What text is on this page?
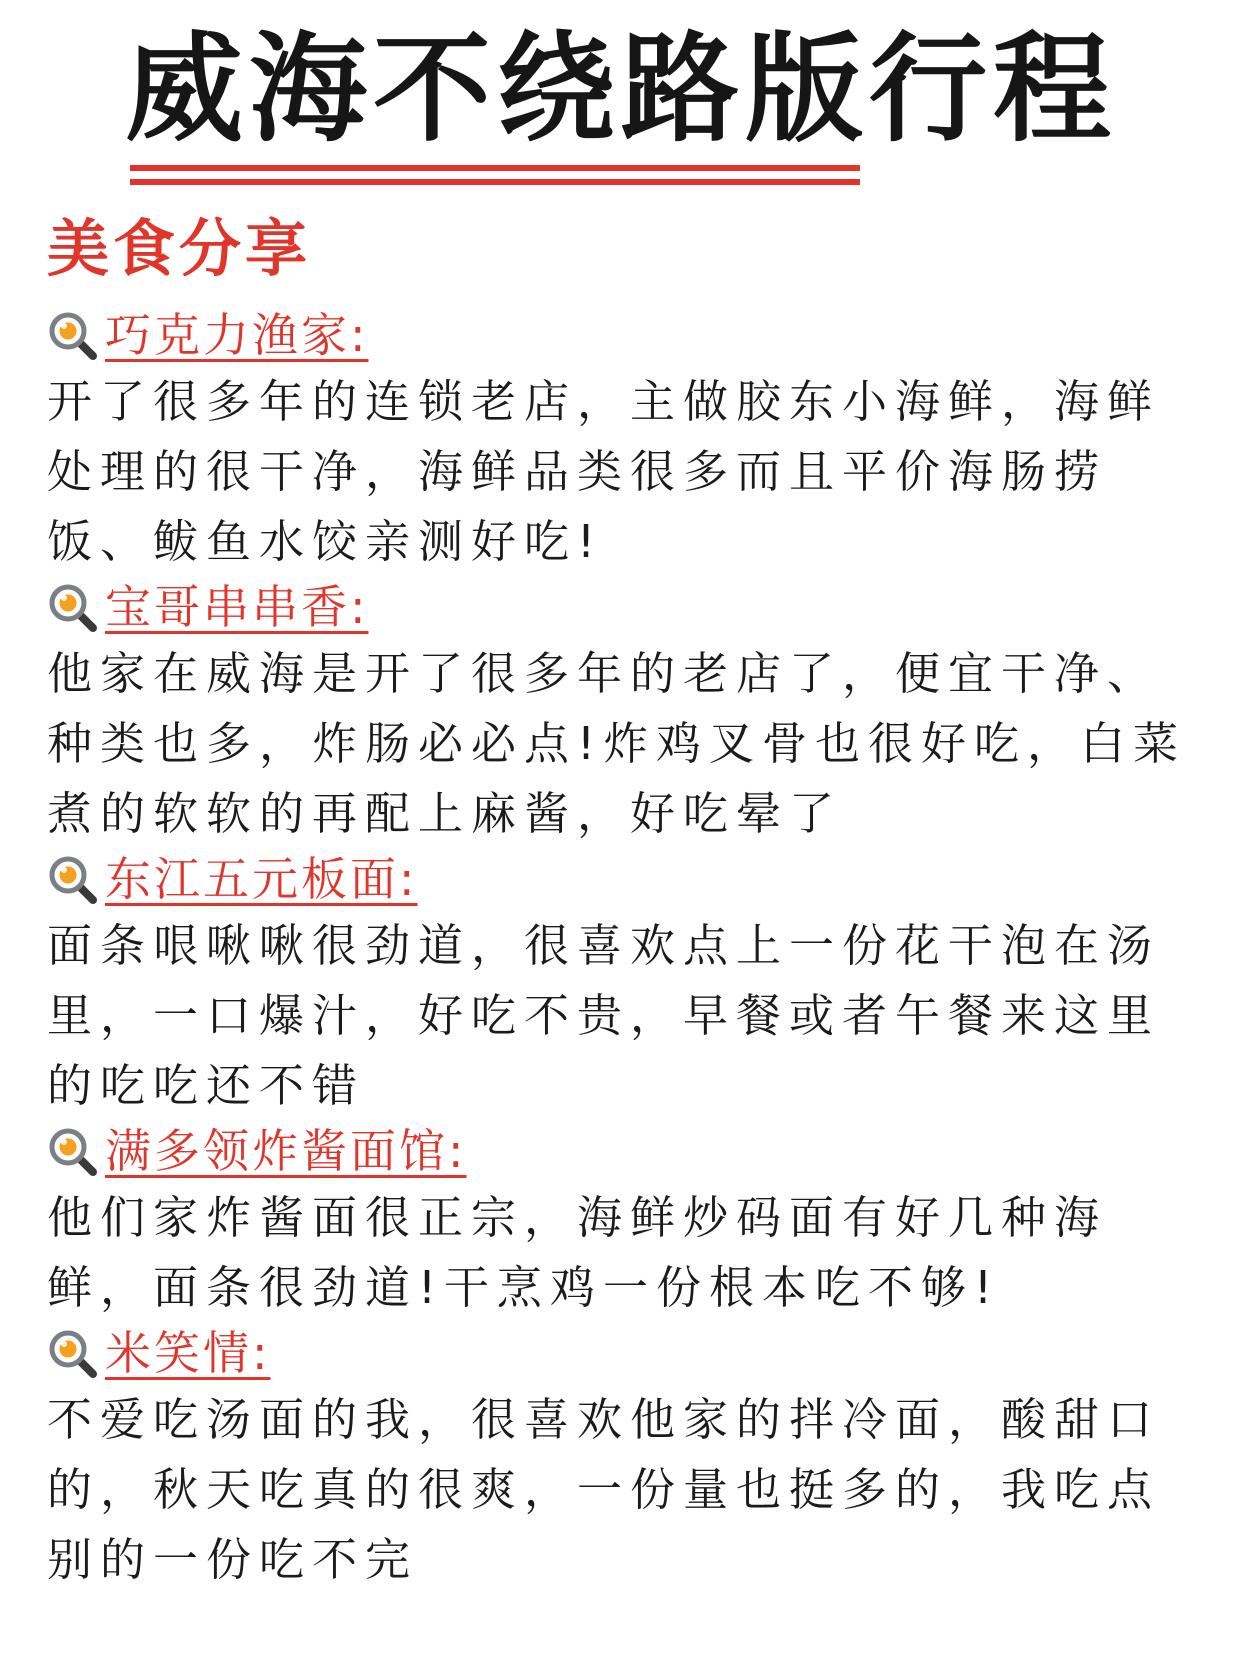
威海不绕路版行程
美食分享
巧克力渔家:

开了很多年的连锁老店，主做胶东小海鲜，海鲜处理的很干净，海鲜品类很多而且平价海肠捞饭、鲅鱼水饺亲测好吃!

宝哥串串香:

他家在威海是开了很多年的老店了，便宜干净、种类也多，炸肠必必点!炸鸡叉骨也很好吃，白菜煮的软软的再配上麻酱，好吃晕了

东江五元板面:

面条哏啾啾很劲道，很喜欢点上一份花干泡在汤里，一口爆汁，好吃不贵，早餐或者午餐来这里的吃吃还不错

满多领炸酱面馆:

他们家炸酱面很正宗，海鲜炒码面有好几种海鲜，面条很劲道!干烹鸡一份根本吃不够!

米笑情:

不爱吃汤面的我，很喜欢他家的拌冷面，酸甜口的，秋天吃真的很爽，一份量也挺多的，我吃点别的一份吃不完
